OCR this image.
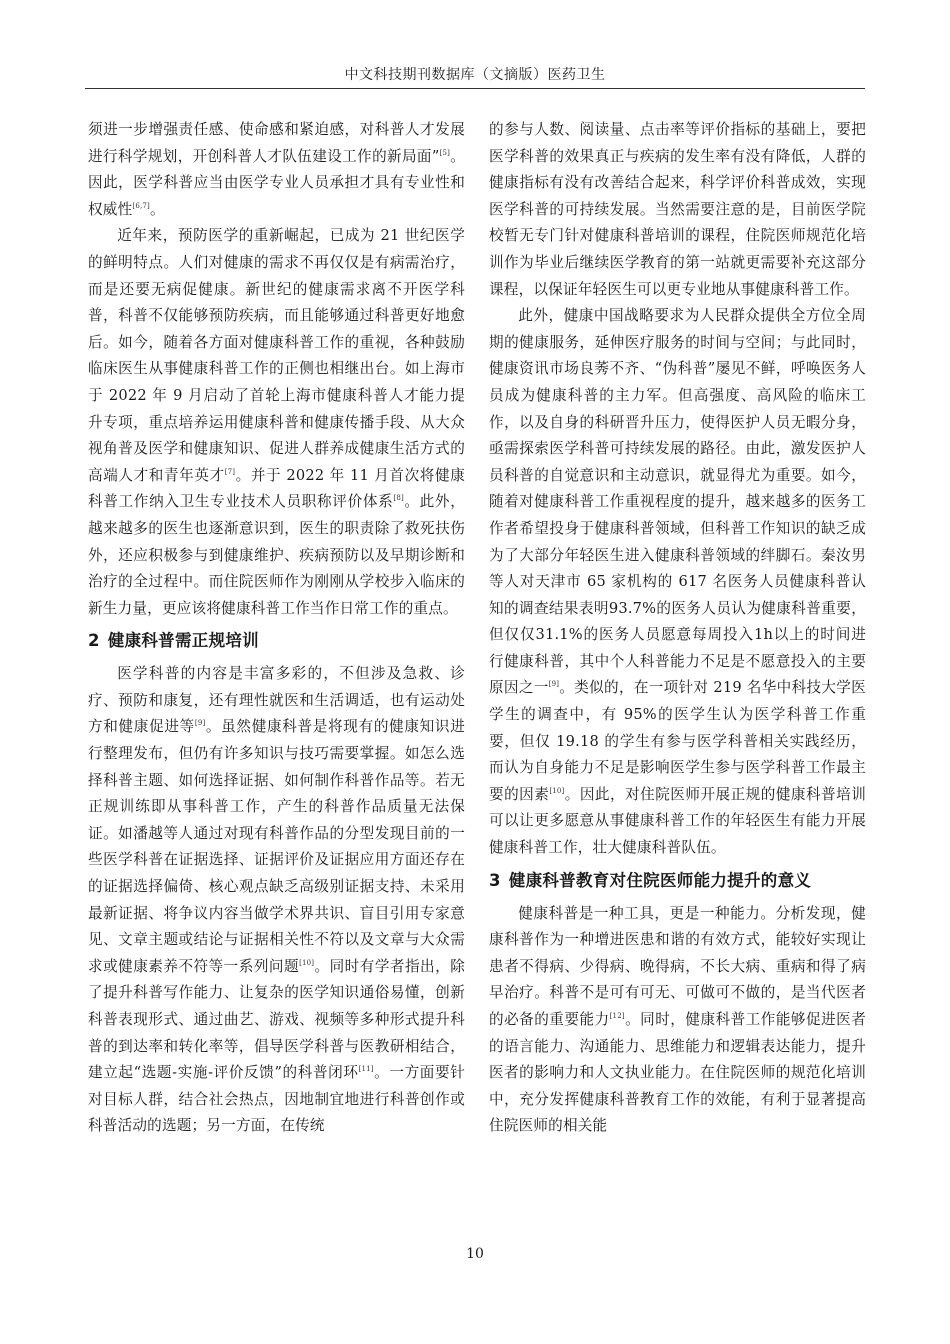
中文科技期刊数据库（文摘版）医药卫生

须进一步增强责任感、使命感和紧迫感，对科普人才发展进行科学规划，开创科普人才队伍建设工作的新局面”[5]。因此，医学科普应当由医学专业人员承担才具有专业性和权威性[6,7]。

近年来，预防医学的重新崛起，已成为 21 世纪医学的鲜明特点。人们对健康的需求不再仅仅是有病需治疗，而是还要无病促健康。新世纪的健康需求离不开医学科普，科普不仅能够预防疾病，而且能够通过科普更好地愈后。如今，随着各方面对健康科普工作的重视，各种鼓励临床医生从事健康科普工作的正侧也相继出台。如上海市于 2022 年 9 月启动了首轮上海市健康科普人才能力提升专项，重点培养运用健康科普和健康传播手段、从大众视角普及医学和健康知识、促进人群养成健康生活方式的高端人才和青年英才[7]。并于 2022 年 11 月首次将健康科普工作纳入卫生专业技术人员职称评价体系[8]。此外，越来越多的医生也逐渐意识到，医生的职责除了救死扶伤外，还应积极参与到健康维护、疾病预防以及早期诊断和治疗的全过程中。而住院医师作为刚刚从学校步入临床的新生力量，更应该将健康科普工作当作日常工作的重点。

2 健康科普需正规培训

医学科普的内容是丰富多彩的，不但涉及急救、诊疗、预防和康复，还有理性就医和生活调适，也有运动处方和健康促进等[9]。虽然健康科普是将现有的健康知识进行整理发布，但仍有许多知识与技巧需要掌握。如怎么选择科普主题、如何选择证据、如何制作科普作品等。若无正规训练即从事科普工作，产生的科普作品质量无法保证。如潘越等人通过对现有科普作品的分型发现目前的一些医学科普在证据选择、证据评价及证据应用方面还存在的证据选择偏倚、核心观点缺乏高级别证据支持、未采用最新证据、将争议内容当做学术界共识、盲目引用专家意见、文章主题或结论与证据相关性不符以及文章与大众需求或健康素养不符等一系列问题[10]。同时有学者指出，除了提升科普写作能力、让复杂的医学知识通俗易懂，创新科普表现形式、通过曲艺、游戏、视频等多种形式提升科普的到达率和转化率等，倡导医学科普与医教研相结合，建立起“选题-实施-评价反馈”的科普闭环[11]。一方面要针对目标人群，结合社会热点，因地制宜地进行科普创作或科普活动的选题；另一方面，在传统

的参与人数、阅读量、点击率等评价指标的基础上，要把医学科普的效果真正与疾病的发生率有没有降低，人群的健康指标有没有改善结合起来，科学评价科普成效，实现医学科普的可持续发展。当然需要注意的是，目前医学院校暂无专门针对健康科普培训的课程，住院医师规范化培训作为毕业后继续医学教育的第一站就更需要补充这部分课程，以保证年轻医生可以更专业地从事健康科普工作。

此外，健康中国战略要求为人民群众提供全方位全周期的健康服务，延伸医疗服务的时间与空间；与此同时，健康资讯市场良莠不齐、“伪科普”屡见不鲜，呼唤医务人员成为健康科普的主力军。但高强度、高风险的临床工作，以及自身的科研晋升压力，使得医护人员无暇分身，亟需探索医学科普可持续发展的路径。由此，激发医护人员科普的自觉意识和主动意识，就显得尤为重要。如今，随着对健康科普工作重视程度的提升，越来越多的医务工作者希望投身于健康科普领域，但科普工作知识的缺乏成为了大部分年轻医生进入健康科普领域的绊脚石。秦汝男等人对天津市 65 家机构的 617 名医务人员健康科普认知的调查结果表明93.7%的医务人员认为健康科普重要，但仅仅31.1%的医务人员愿意每周投入1h以上的时间进行健康科普，其中个人科普能力不足是不愿意投入的主要原因之一[9]。类似的，在一项针对 219 名华中科技大学医学生的调查中，有 95%的医学生认为医学科普工作重要，但仅 19.18 的学生有参与医学科普相关实践经历，而认为自身能力不足是影响医学生参与医学科普工作最主要的因素[10]。因此，对住院医师开展正规的健康科普培训可以让更多愿意从事健康科普工作的年轻医生有能力开展健康科普工作，壮大健康科普队伍。

3 健康科普教育对住院医师能力提升的意义

健康科普是一种工具，更是一种能力。分析发现，健康科普作为一种增进医患和谐的有效方式，能较好实现让患者不得病、少得病、晚得病，不长大病、重病和得了病早治疗。科普不是可有可无、可做可不做的，是当代医者的必备的重要能力[12]。同时，健康科普工作能够促进医者的语言能力、沟通能力、思维能力和逻辑表达能力，提升医者的影响力和人文执业能力。在住院医师的规范化培训中，充分发挥健康科普教育工作的效能，有利于显著提高住院医师的相关能

10
